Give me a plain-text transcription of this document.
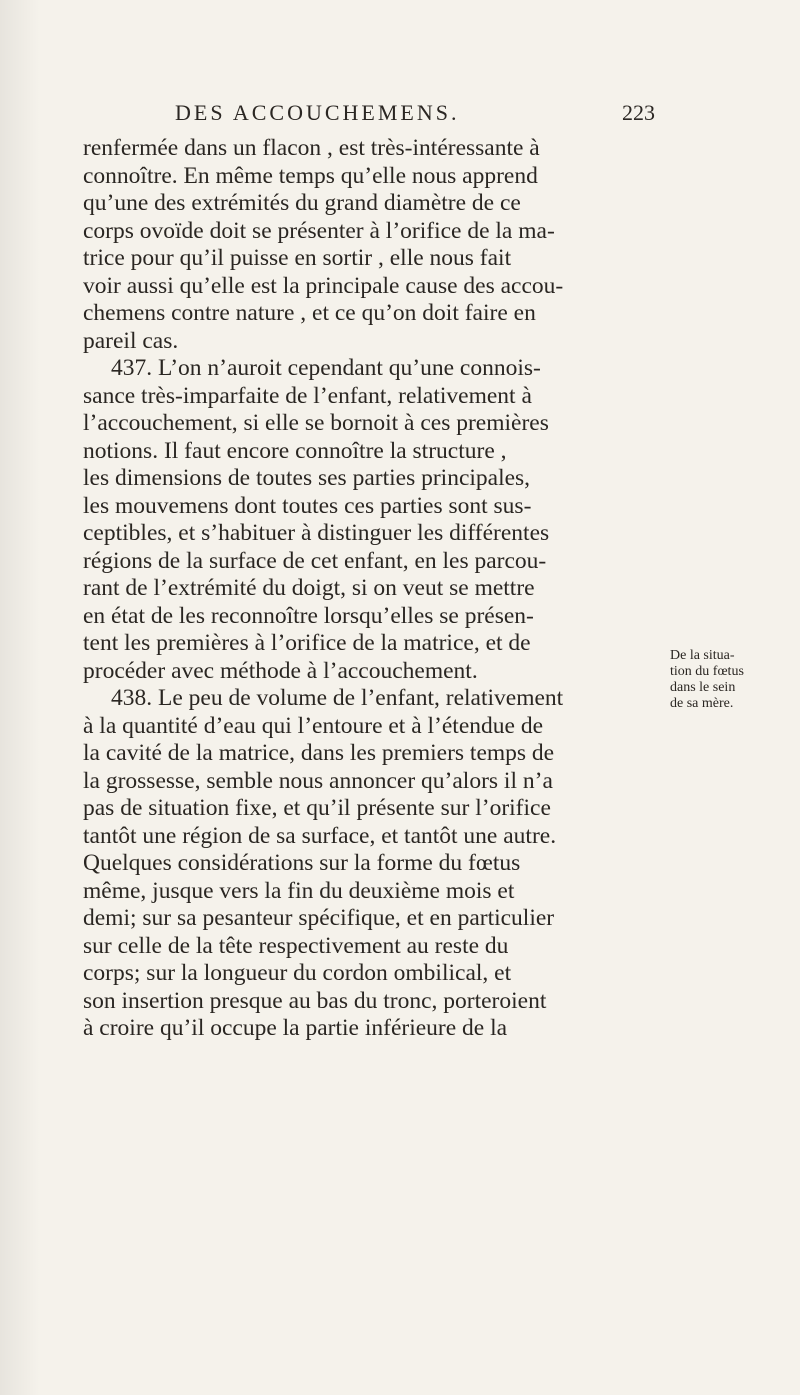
DES ACCOUCHEMENS.	223
renfermée dans un flacon , est très-intéressante à
connoître. En même temps qu’elle nous apprend
qu’une des extrémités du grand diamètre de ce
corps ovoïde doit se présenter à l’orifice de la ma-
trice pour qu’il puisse en sortir , elle nous fait
voir aussi qu’elle est la principale cause des accou-
chemens contre nature , et ce qu’on doit faire en
pareil cas.
437. L’on n’auroit cependant qu’une connois-
sance très-imparfaite de l’enfant, relativement à
l’accouchement, si elle se bornoit à ces premières
notions. Il faut encore connoître la structure ,
les dimensions de toutes ses parties principales,
les mouvemens dont toutes ces parties sont sus-
ceptibles, et s’habituer à distinguer les différentes
régions de la surface de cet enfant, en les parcou-
rant de l’extrémité du doigt, si on veut se mettre
en état de les reconnoître lorsqu’elles se présen-
tent les premières à l’orifice de la matrice, et de
procéder avec méthode à l’accouchement.
438. Le peu de volume de l’enfant, relativement
à la quantité d’eau qui l’entoure et à l’étendue de
la cavité de la matrice, dans les premiers temps de
la grossesse, semble nous annoncer qu’alors il n’a
pas de situation fixe, et qu’il présente sur l’orifice
tantôt une région de sa surface, et tantôt une autre.
Quelques considérations sur la forme du fœtus
même, jusque vers la fin du deuxième mois et
demi; sur sa pesanteur spécifique, et en particulier
sur celle de la tête respectivement au reste du
corps; sur la longueur du cordon ombilical, et
son insertion presque au bas du tronc, porteroient
à croire qu’il occupe la partie inférieure de la
De la situa-
tion du fœtus
dans le sein
de sa mère.
